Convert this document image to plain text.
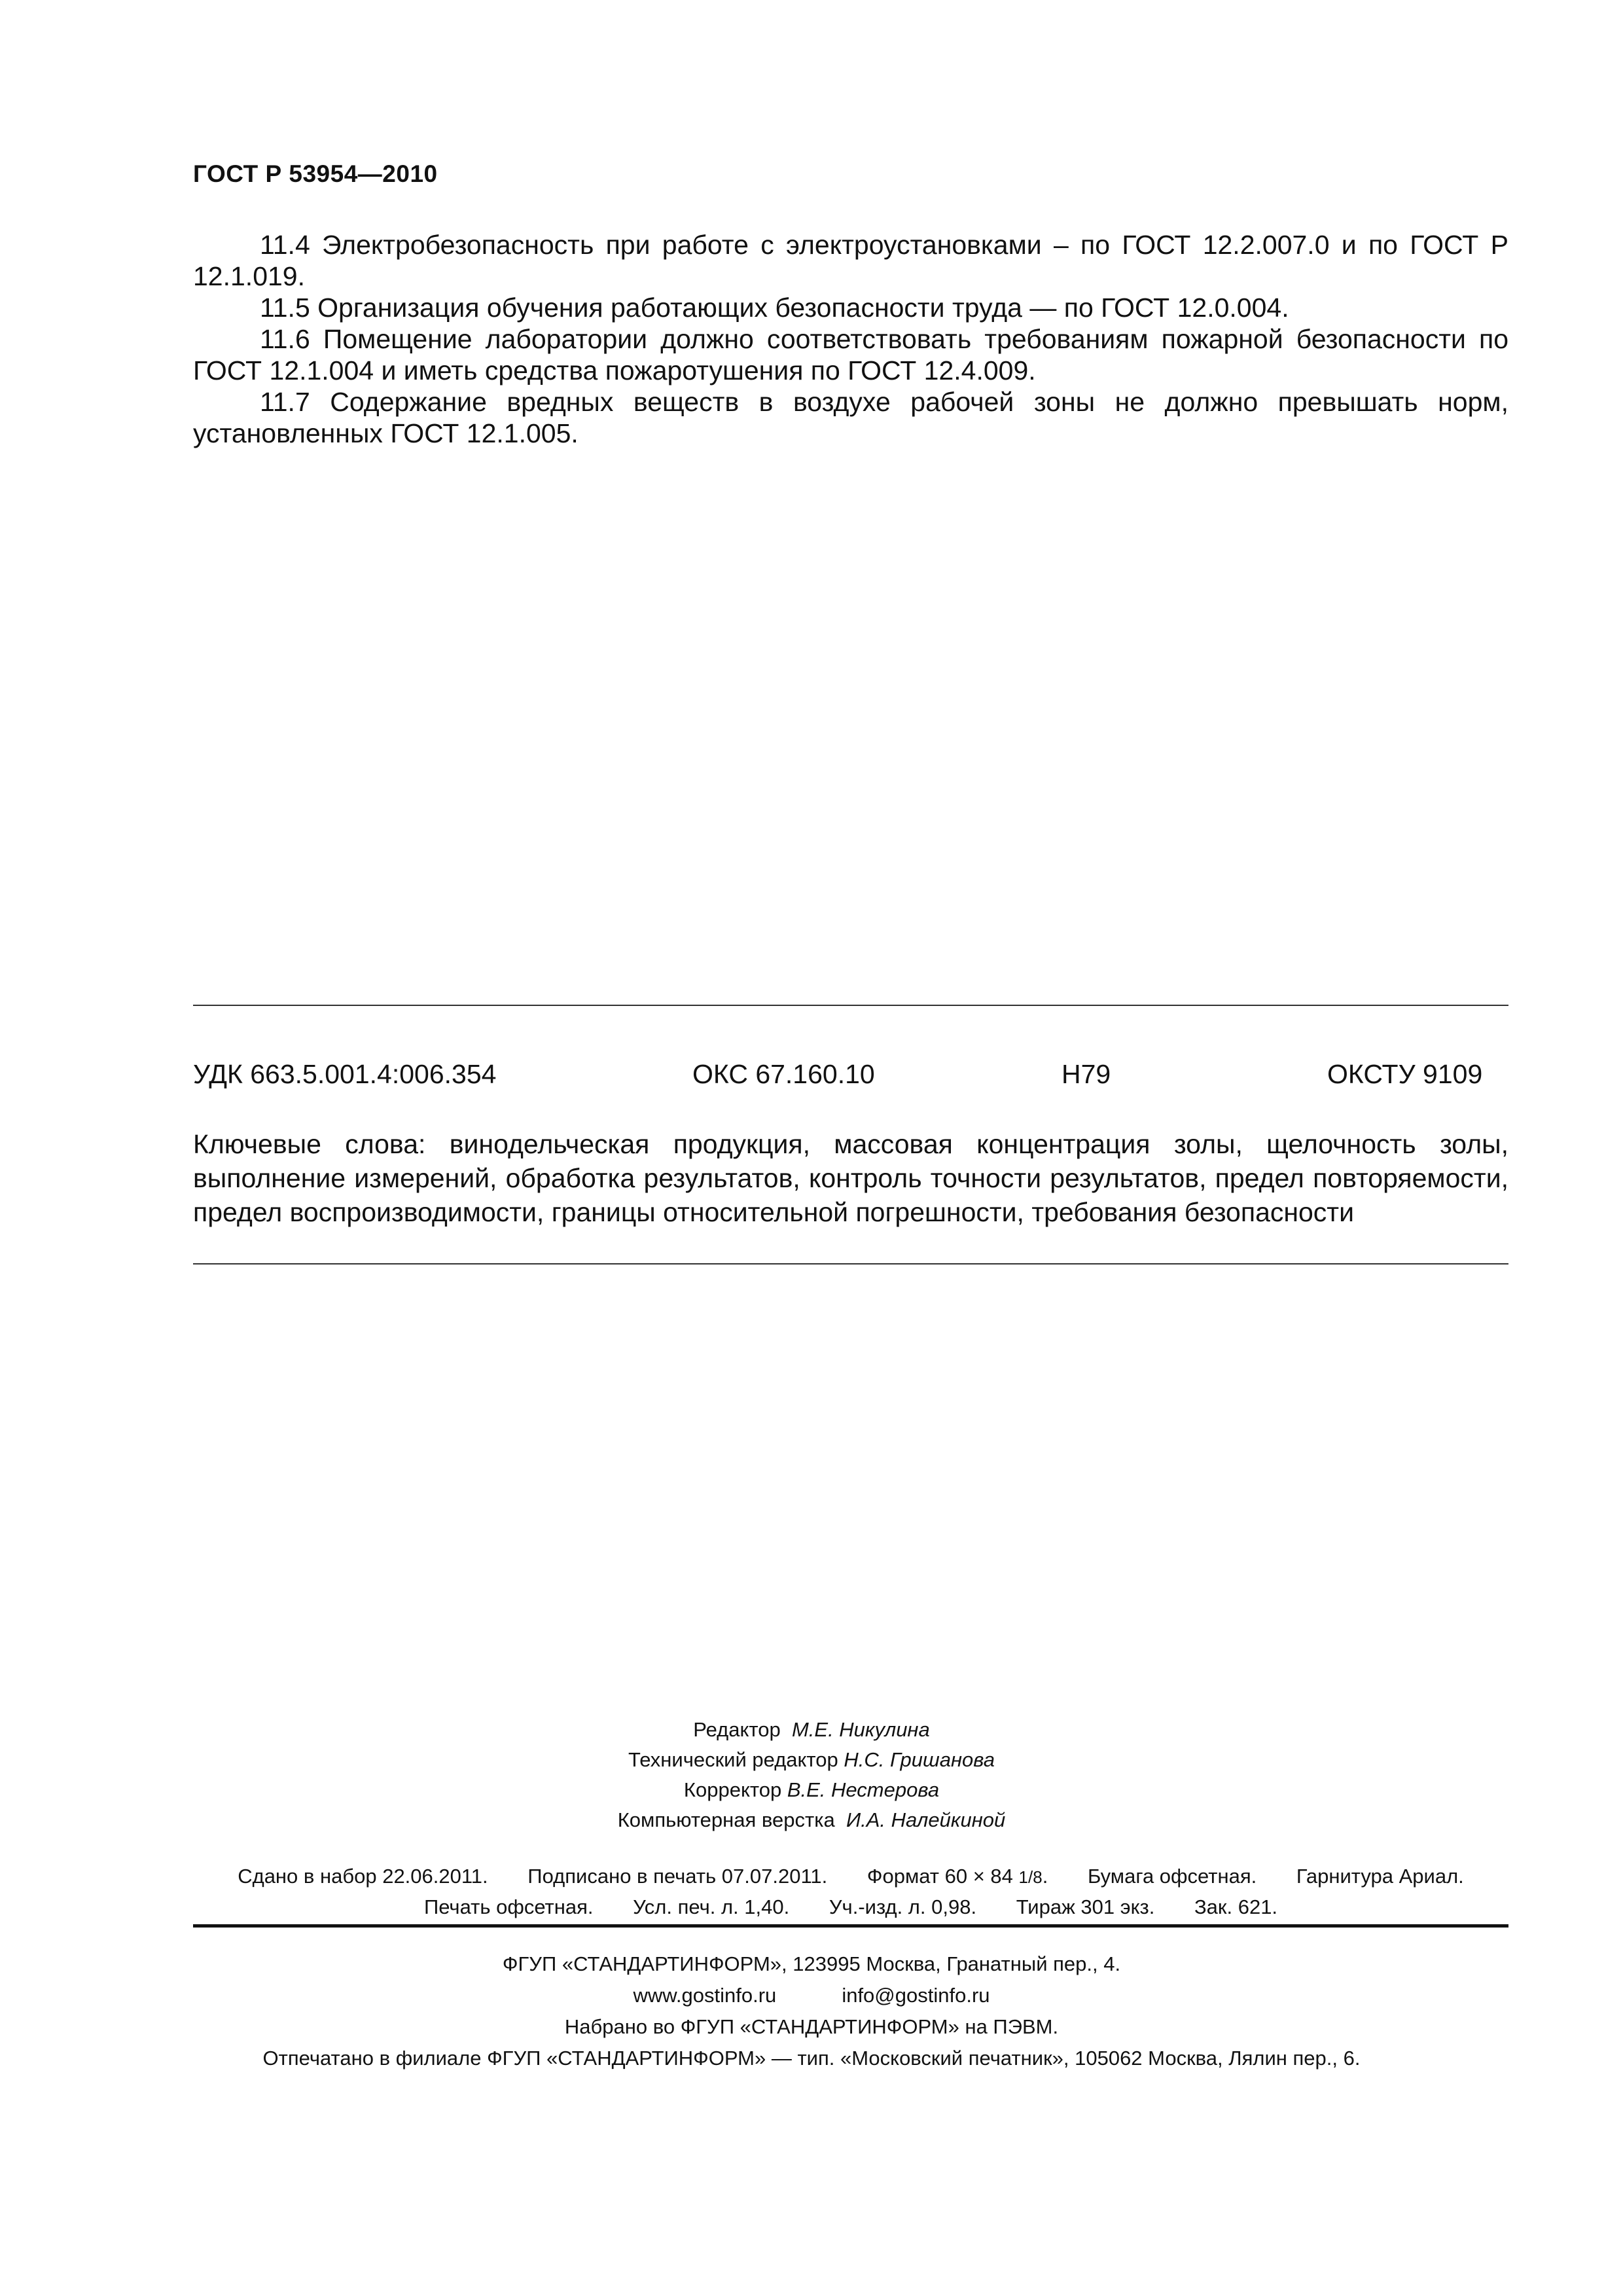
ГОСТ Р 53954—2010

11.4 Электробезопасность при работе с электроустановками – по ГОСТ 12.2.007.0 и по ГОСТ Р 12.1.019.

11.5 Организация обучения работающих безопасности труда — по ГОСТ 12.0.004.

11.6 Помещение лаборатории должно соответствовать требованиям пожарной безопасности по ГОСТ 12.1.004 и иметь средства пожаротушения по ГОСТ 12.4.009.

11.7 Содержание вредных веществ в воздухе рабочей зоны не должно превышать норм, установленных ГОСТ 12.1.005.

УДК 663.5.001.4:006.354	ОКС 67.160.10	Н79	ОКСТУ 9109

Ключевые слова: винодельческая продукция, массовая концентрация золы, щелочность золы, выполнение измерений, обработка результатов, контроль точности результатов, предел повторяемости, предел воспроизводимости, границы относительной погрешности, требования безопасности

Редактор М.Е. Никулина
Технический редактор Н.С. Гришанова
Корректор В.Е. Нестерова
Компьютерная верстка И.А. Налейкиной
Сдано в набор 22.06.2011. Подписано в печать 07.07.2011. Формат 60 × 84 1/8. Бумага офсетная. Гарнитура Ариал.
Печать офсетная. Усл. печ. л. 1,40. Уч.-изд. л. 0,98. Тираж 301 экз. Зак. 621.
ФГУП «СТАНДАРТИНФОРМ», 123995 Москва, Гранатный пер., 4.
www.gostinfo.ru	info@gostinfo.ru
Набрано во ФГУП «СТАНДАРТИНФОРМ» на ПЭВМ.
Отпечатано в филиале ФГУП «СТАНДАРТИНФОРМ» — тип. «Московский печатник», 105062 Москва, Лялин пер., 6.
